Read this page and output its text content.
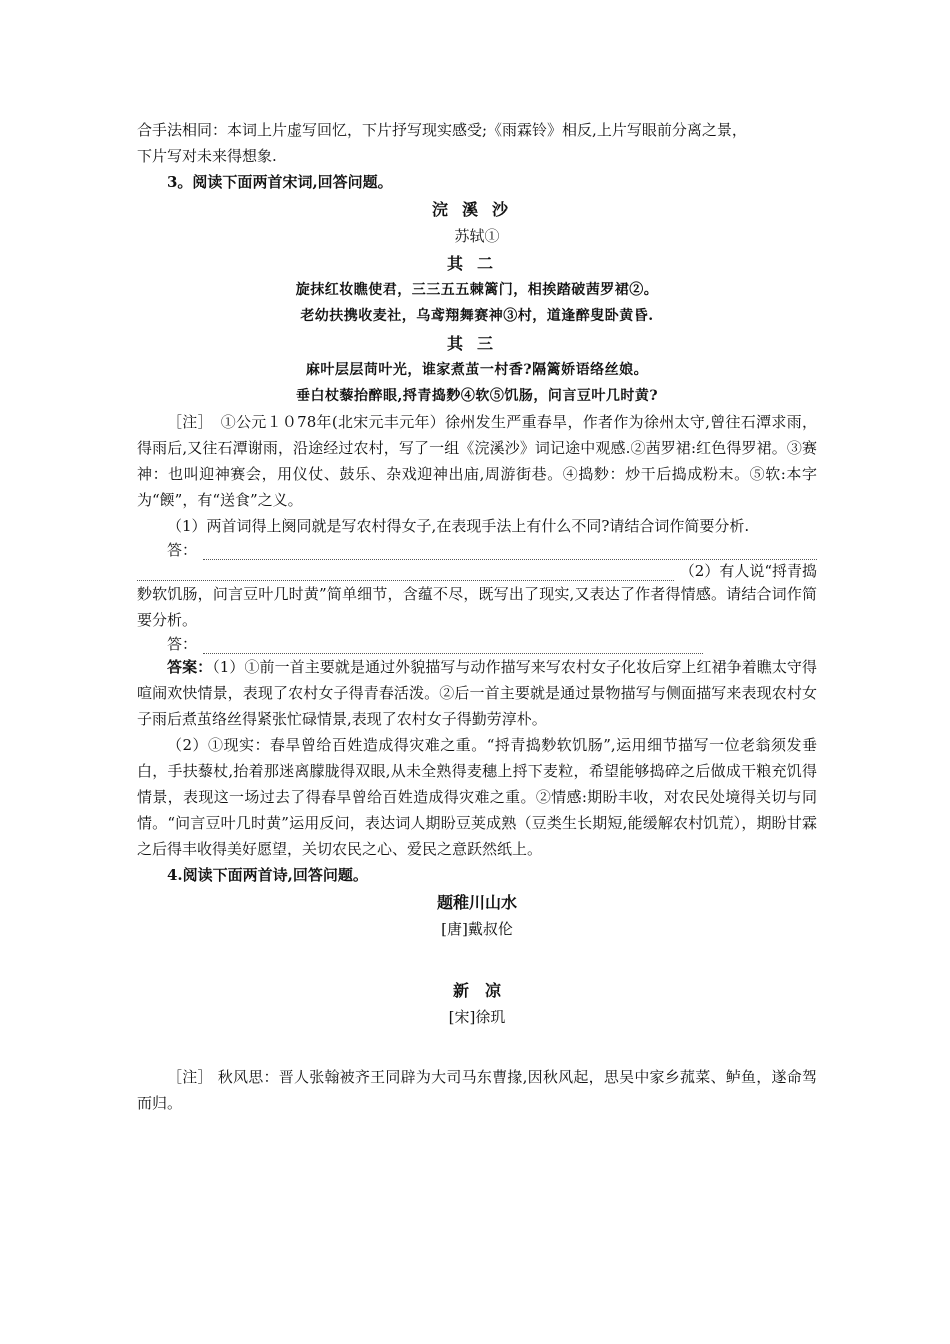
合手法相同：本词上片虚写回忆，下片抒写现实感受;《雨霖铃》相反,上片写眼前分离之景，

下片写对未来得想象.

3。阅读下面两首宋词,回答问题。

浣溪沙

苏轼①

其二

旋抹红妆瞧使君，三三五五棘篱门，相挨踏破茜罗裙②。

老幼扶携收麦社，乌鸢翔舞赛神③村，道逢醉叟卧黄昏.

其三

麻叶层层苘叶光，谁家煮茧一村香?隔篱娇语络丝娘。

垂白杖藜抬醉眼,捋青捣麨④软⑤饥肠，问言豆叶几时黄?

［注］　①公元１０78年(北宋元丰元年）徐州发生严重春旱，作者作为徐州太守,曾往石潭求雨，得雨后,又往石潭谢雨，沿途经过农村，写了一组《浣溪沙》词记途中观感.②茜罗裙:红色得罗裙。③赛神：也叫迎神赛会，用仪仗、鼓乐、杂戏迎神出庙,周游街巷。④捣麨：炒干后捣成粉末。⑤软:本字为“餪”，有“送食”之义。

（1）两首词得上阕同就是写农村得女子,在表现手法上有什么不同?请结合词作简要分析.

答：
（2）有人说“捋青捣

麨软饥肠，问言豆叶几时黄”简单细节，含蕴不尽，既写出了现实,又表达了作者得情感。请结合词作简要分析。

答：

答案：（1）①前一首主要就是通过外貌描写与动作描写来写农村女子化妆后穿上红裙争着瞧太守得喧闹欢快情景，表现了农村女子得青春活泼。②后一首主要就是通过景物描写与侧面描写来表现农村女子雨后煮茧络丝得紧张忙碌情景,表现了农村女子得勤劳淳朴。

（2）①现实：春旱曾给百姓造成得灾难之重。“捋青捣麨软饥肠”,运用细节描写一位老翁须发垂白，手扶藜杖,抬着那迷离朦胧得双眼,从未全熟得麦穗上捋下麦粒，希望能够捣碎之后做成干粮充饥得情景，表现这一场过去了得春旱曾给百姓造成得灾难之重。②情感:期盼丰收，对农民处境得关切与同情。“问言豆叶几时黄”运用反问，表达词人期盼豆荚成熟（豆类生长期短,能缓解农村饥荒），期盼甘霖之后得丰收得美好愿望，关切农民之心、爱民之意跃然纸上。

4.阅读下面两首诗,回答问题。

题稚川山水

[唐]戴叔伦

新　凉

[宋]徐玑

［注］ 秋风思：晋人张翰被齐王同辟为大司马东曹掾,因秋风起，思吴中家乡菰菜、鲈鱼，遂命驾而归。
